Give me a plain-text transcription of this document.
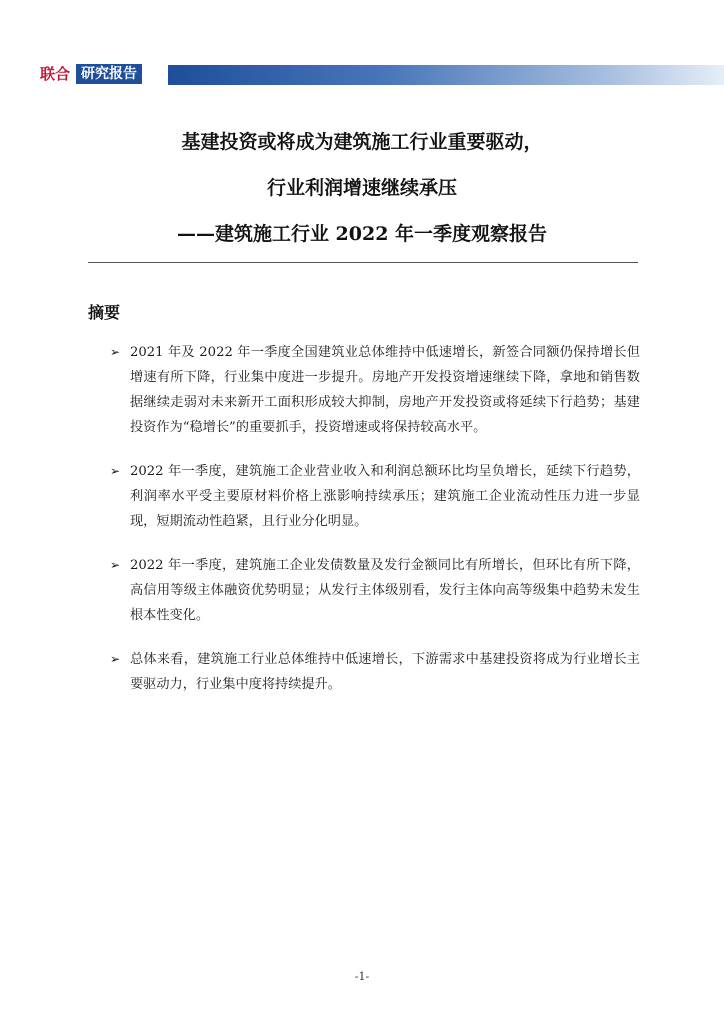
联合 研究报告
基建投资或将成为建筑施工行业重要驱动，
行业利润增速继续承压
——建筑施工行业 2022 年一季度观察报告
摘要
➢ 2021 年及 2022 年一季度全国建筑业总体维持中低速增长，新签合同额仍保持增长但增速有所下降，行业集中度进一步提升。房地产开发投资增速继续下降，拿地和销售数据继续走弱对未来新开工面积形成较大抑制，房地产开发投资或将延续下行趋势；基建投资作为“稳增长”的重要抓手，投资增速或将保持较高水平。
➢ 2022 年一季度，建筑施工企业营业收入和利润总额环比均呈负增长，延续下行趋势，利润率水平受主要原材料价格上涨影响持续承压；建筑施工企业流动性压力进一步显现，短期流动性趋紧，且行业分化明显。
➢ 2022 年一季度，建筑施工企业发债数量及发行金额同比有所增长，但环比有所下降，高信用等级主体融资优势明显；从发行主体级别看，发行主体向高等级集中趋势未发生根本性变化。
➢ 总体来看，建筑施工行业总体维持中低速增长，下游需求中基建投资将成为行业增长主要驱动力，行业集中度将持续提升。
-1-
